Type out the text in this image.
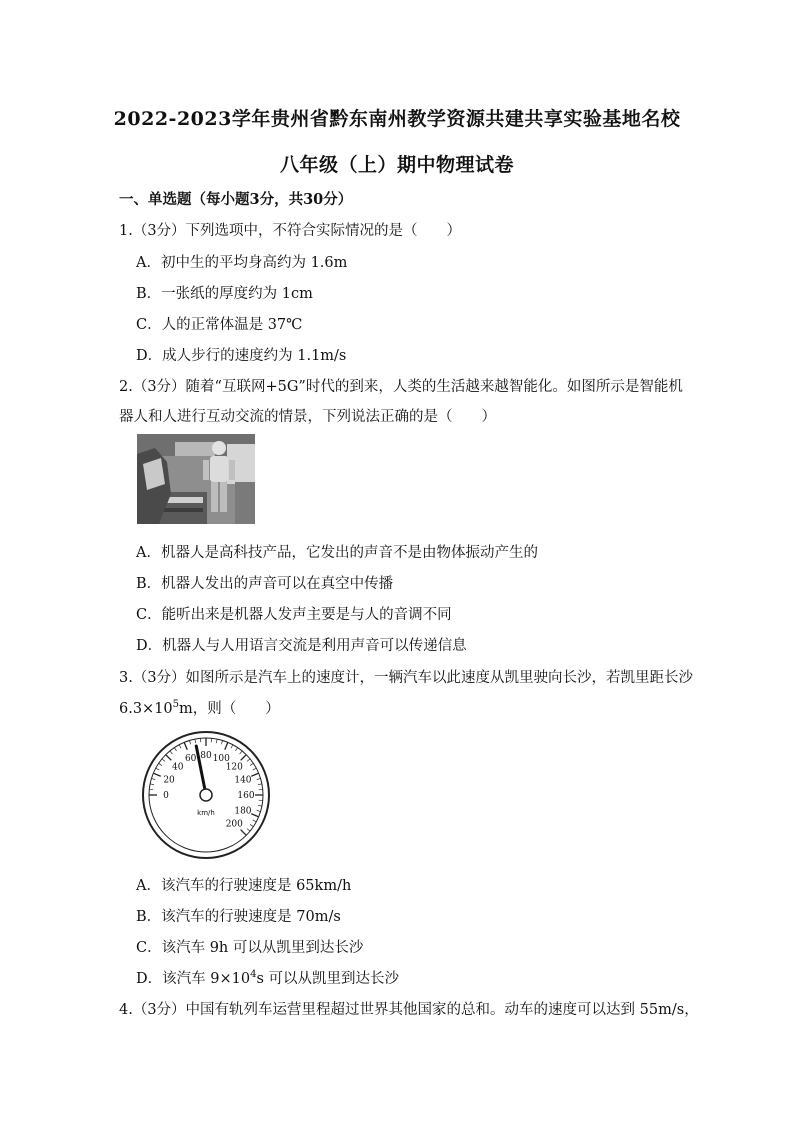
2022-2023学年贵州省黔东南州教学资源共建共享实验基地名校
八年级（上）期中物理试卷
一、单选题（每小题3分，共30分）
1.（3分）下列选项中，不符合实际情况的是（　　）
A．初中生的平均身高约为 1.6m
B．一张纸的厚度约为 1cm
C．人的正常体温是 37℃
D．成人步行的速度约为 1.1m/s
2.（3分）随着“互联网+5G”时代的到来，人类的生活越来越智能化。如图所示是智能机
器人和人进行互动交流的情景，下列说法正确的是（　　）
A．机器人是高科技产品，它发出的声音不是由物体振动产生的
B．机器人发出的声音可以在真空中传播
C．能听出来是机器人发声主要是与人的音调不同
D．机器人与人用语言交流是利用声音可以传递信息
3.（3分）如图所示是汽车上的速度计，一辆汽车以此速度从凯里驶向长沙，若凯里距长沙
$6.3\times 10^5m$，则（　　）
0
20
40
60 80 100
120
140
160
180
200
km/h
A．该汽车的行驶速度是 65km/h
B．该汽车的行驶速度是 70m/s
C．该汽车 9h 可以从凯里到达长沙
D．该汽车 $9\times 10^4s$ 可以从凯里到达长沙
4.（3分）中国有轨列车运营里程超过世界其他国家的总和。动车的速度可以达到 55m/s，
